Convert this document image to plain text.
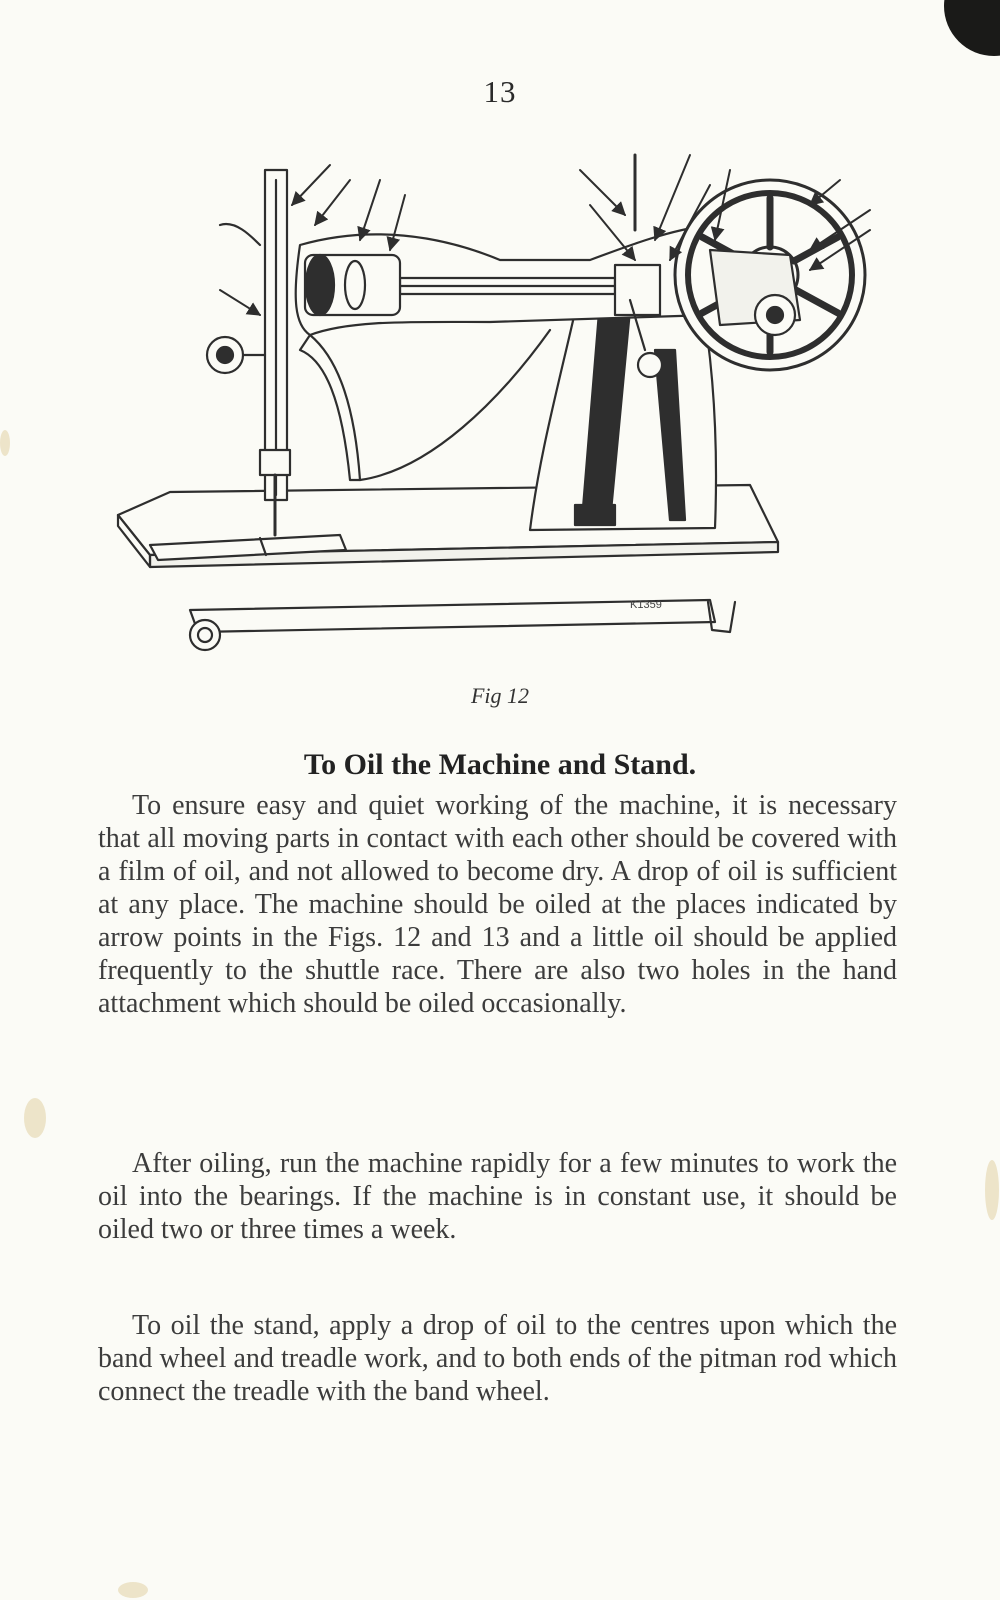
13
K1359
Fig 12
To Oil the Machine and Stand.

To ensure easy and quiet working of the machine, it is necessary that all moving parts in contact with each other should be covered with a film of oil, and not allowed to become dry. A drop of oil is sufficient at any place. The machine should be oiled at the places indicated by arrow points in the Figs. 12 and 13 and a little oil should be applied frequently to the shuttle race. There are also two holes in the hand attachment which should be oiled occasionally.

After oiling, run the machine rapidly for a few minutes to work the oil into the bearings. If the machine is in constant use, it should be oiled two or three times a week.

To oil the stand, apply a drop of oil to the centres upon which the band wheel and treadle work, and to both ends of the pitman rod which connect the treadle with the band wheel.
